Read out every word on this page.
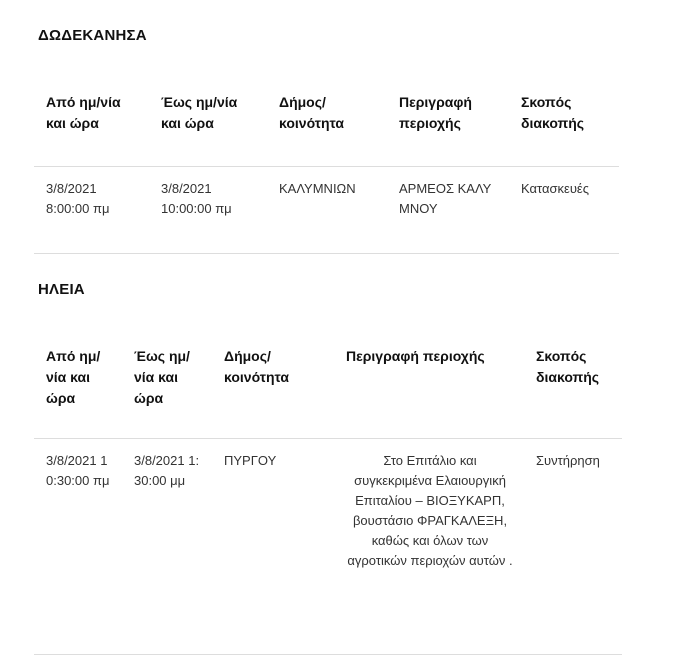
ΔΩΔΕΚΑΝΗΣΑ
Από ημ/νία και ώρα	Έως ημ/νία και ώρα	Δήμος/ κοινότητα	Περιγραφή περιοχής	Σκοπός διακοπής
3/8/2021 8:00:00 πμ	3/8/2021 10:00:00 πμ	ΚΑΛΥΜΝΙΩΝ	ΑΡΜΕΟΣ ΚΑΛΥΜΝΟΥ	Κατασκευές
ΗΛΕΙΑ
Από ημ/νία και ώρα	Έως ημ/νία και ώρα	Δήμος/ κοινότητα	Περιγραφή περιοχής	Σκοπός διακοπής
3/8/2021 10:30:00 πμ	3/8/2021 1:30:00 μμ	ΠΥΡΓΟΥ	Στο Επιτάλιο και συγκεκριμένα Ελαιουργική Επιταλίου – ΒΙΟΞΥΚΑΡΠ, βουστάσιο ΦΡΑΓΚΑΛΕΞΗ, καθώς και όλων των αγροτικών περιοχών αυτών .	Συντήρηση
